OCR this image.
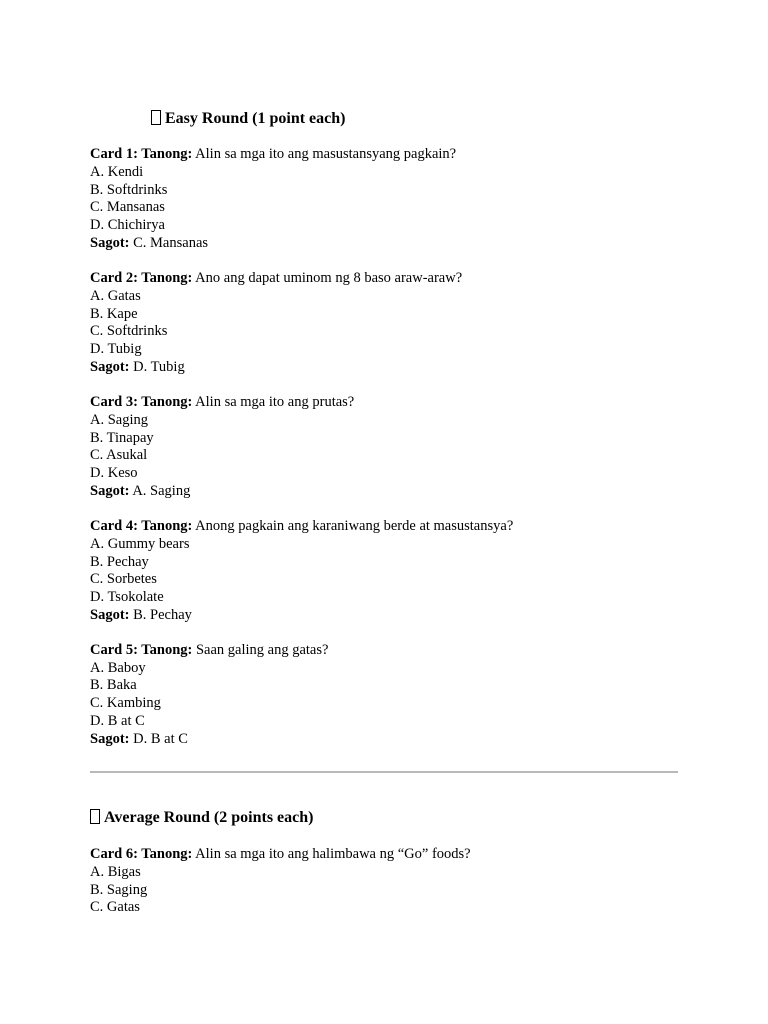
Easy Round (1 point each)
Card 1: Tanong: Alin sa mga ito ang masustansyang pagkain?
A. Kendi
B. Softdrinks
C. Mansanas
D. Chichirya
Sagot: C. Mansanas
Card 2: Tanong: Ano ang dapat uminom ng 8 baso araw-araw?
A. Gatas
B. Kape
C. Softdrinks
D. Tubig
Sagot: D. Tubig
Card 3: Tanong: Alin sa mga ito ang prutas?
A. Saging
B. Tinapay
C. Asukal
D. Keso
Sagot: A. Saging
Card 4: Tanong: Anong pagkain ang karaniwang berde at masustansya?
A. Gummy bears
B. Pechay
C. Sorbetes
D. Tsokolate
Sagot: B. Pechay
Card 5: Tanong: Saan galing ang gatas?
A. Baboy
B. Baka
C. Kambing
D. B at C
Sagot: D. B at C
Average Round (2 points each)
Card 6: Tanong: Alin sa mga ito ang halimbawa ng “Go” foods?
A. Bigas
B. Saging
C. Gatas
